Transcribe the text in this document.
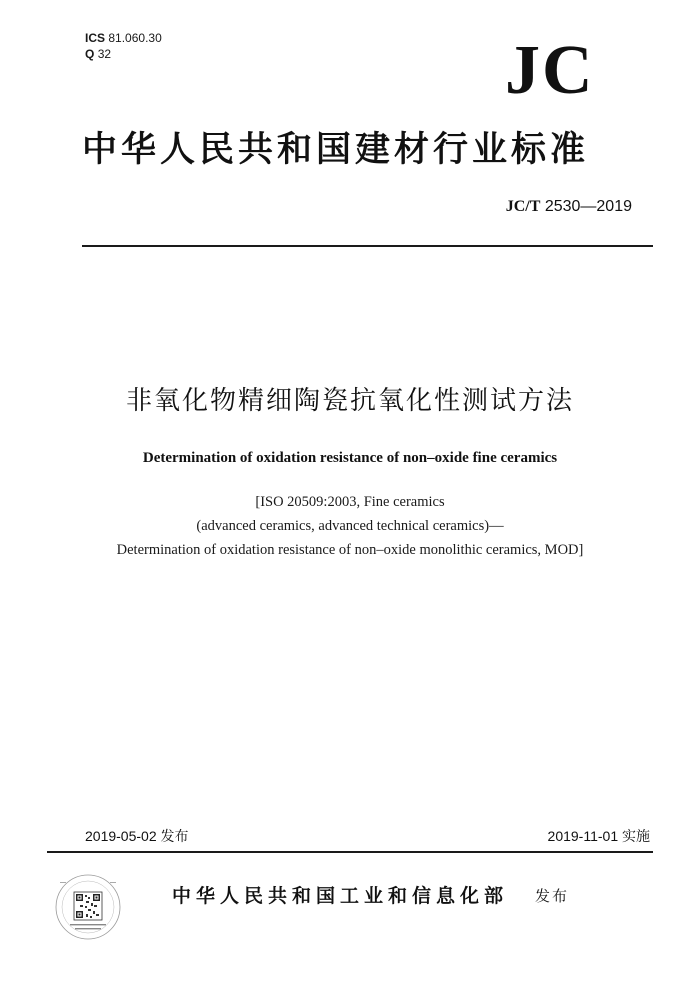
ICS 81.060.30
Q 32	JC
中华人民共和国建材行业标准
JC/T 2530—2019
非氧化物精细陶瓷抗氧化性测试方法
Determination of oxidation resistance of non–oxide fine ceramics
[ISO 20509:2003, Fine ceramics
(advanced ceramics, advanced technical ceramics)—
Determination of oxidation resistance of non–oxide monolithic ceramics, MOD]
2019-05-02 发布	2019-11-01 实施
中华人民共和国工业和信息化部 发布
